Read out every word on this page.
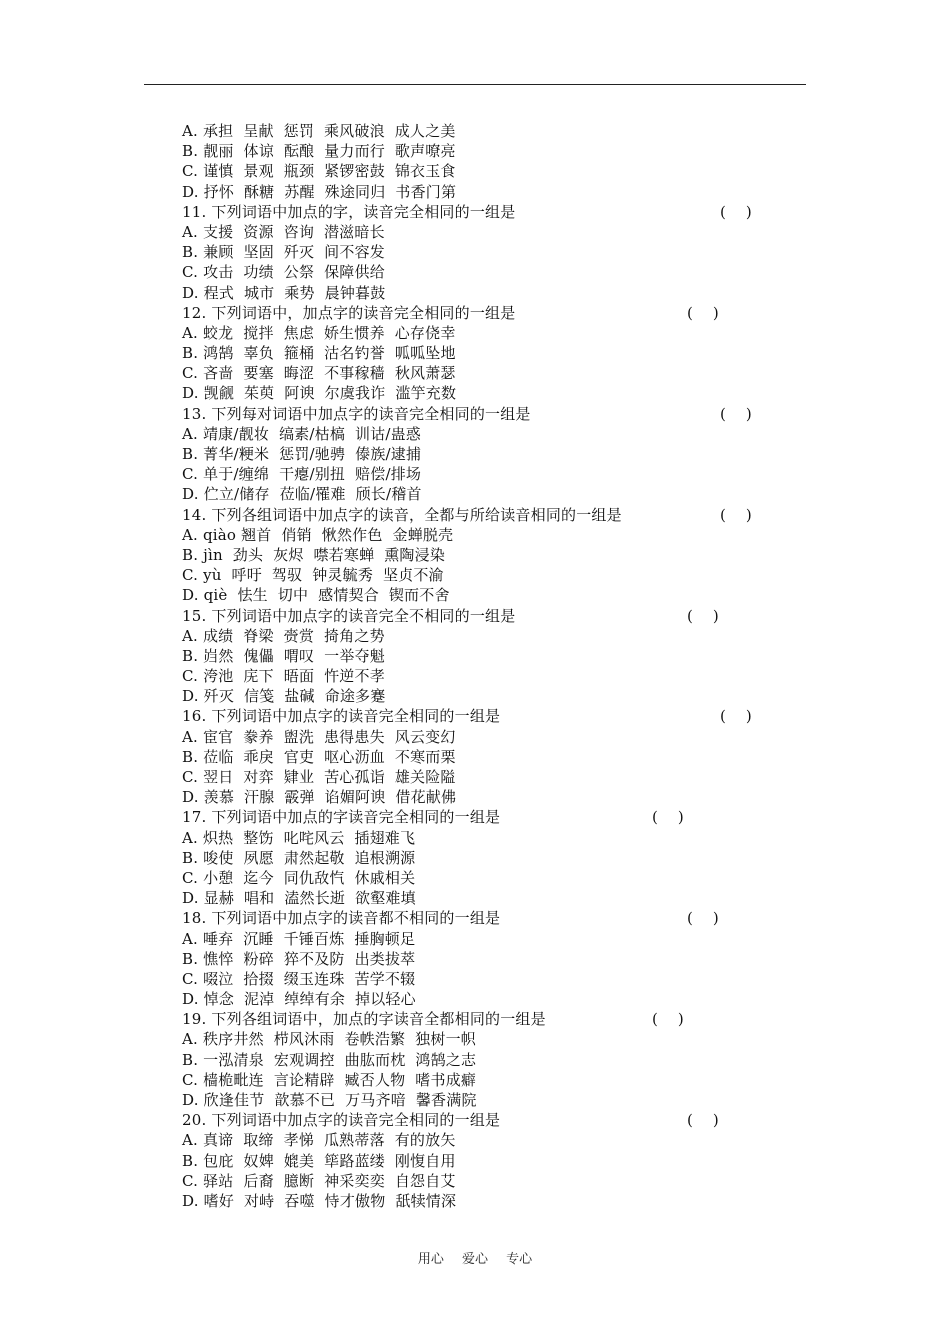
A. 承担  呈献  惩罚  乘风破浪  成人之美
B. 靓丽  体谅  酝酿  量力而行  歌声嘹亮
C. 谨慎  景观  瓶颈  紧锣密鼓  锦衣玉食
D. 抒怀  酥糖  苏醒  殊途同归  书香门第
11. 下列词语中加点的字，读音完全相同的一组是	(    )
A. 支援  资源  咨询  潜滋暗长
B. 兼顾  坚固  歼灭  间不容发
C. 攻击  功绩  公祭  保障供给
D. 程式  城市  乘势  晨钟暮鼓
12. 下列词语中，加点字的读音完全相同的一组是	(    )
A. 蛟龙  搅拌  焦虑  娇生惯养  心存侥幸
B. 鸿鹄  辜负  箍桶  沽名钓誉  呱呱坠地
C. 吝啬  要塞  晦涩  不事稼穑  秋风萧瑟
D. 觊觎  茱萸  阿谀  尔虞我诈  滥竽充数
13. 下列每对词语中加点字的读音完全相同的一组是	(    )
A. 靖康/靓妆  缟素/枯槁  训诂/蛊惑
B. 菁华/粳米  惩罚/驰骋  傣族/逮捕
C. 单于/缠绵  干瘪/别扭  赔偿/排场
D. 伫立/储存  莅临/罹难  颀长/稽首
14. 下列各组词语中加点字的读音，全都与所给读音相同的一组是	(    )
A. qiào 翘首  俏销  愀然作色  金蝉脱壳
B. jìn  劲头  灰烬  噤若寒蝉  熏陶浸染
C. yù  呼吁  驾驭  钟灵毓秀  坚贞不渝
D. qiè  怯生  切中  感情契合  锲而不舍
15. 下列词语中加点字的读音完全不相同的一组是	(    )
A. 成绩  脊梁  赍赏  掎角之势
B. 岿然  傀儡  喟叹  一举夺魁
C. 洿池  庑下  晤面  忤逆不孝
D. 歼灭  信笺  盐碱  命途多蹇
16. 下列词语中加点字的读音完全相同的一组是	(    )
A. 宦官  豢养  盥洗  患得患失  风云变幻
B. 莅临  乖戾  官吏  呕心沥血  不寒而栗
C. 翌日  对弈  肄业  苦心孤诣  雄关险隘
D. 羡慕  汗腺  霰弹  谄媚阿谀  借花献佛
17. 下列词语中加点的字读音完全相同的一组是	(    )
A. 炽热  整饬  叱咤风云  插翅难飞
B. 唆使  夙愿  肃然起敬  追根溯源
C. 小憩  迄今  同仇敌忾  休戚相关
D. 显赫  唱和  溘然长逝  欲壑难填
18. 下列词语中加点字的读音都不相同的一组是	(    )
A. 唾弃  沉睡  千锤百炼  捶胸顿足
B. 憔悴  粉碎  猝不及防  出类拔萃
C. 啜泣  拾掇  缀玉连珠  苦学不辍
D. 悼念  泥淖  绰绰有余  掉以轻心
19. 下列各组词语中，加点的字读音全都相同的一组是	(    )
A. 秩序井然  栉风沐雨  卷帙浩繁  独树一帜
B. 一泓清泉  宏观调控  曲肱而枕  鸿鹄之志
C. 樯桅毗连  言论精辟  臧否人物  嗜书成癖
D. 欣逢佳节  歆慕不已  万马齐喑  馨香满院
20. 下列词语中加点字的读音完全相同的一组是	(    )
A. 真谛  取缔  孝悌  瓜熟蒂落  有的放矢
B. 包庇  奴婢  媲美  筚路蓝缕  刚愎自用
C. 驿站  后裔  臆断  神采奕奕  自怨自艾
D. 嗜好  对峙  吞噬  恃才傲物  舐犊情深
用心 爱心 专心
